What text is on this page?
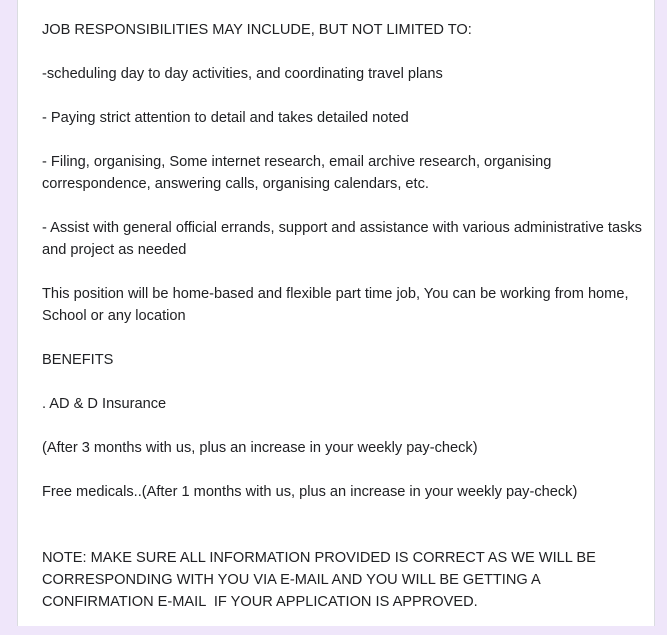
JOB RESPONSIBILITIES MAY INCLUDE, BUT NOT LIMITED TO:

-scheduling day to day activities, and coordinating travel plans

- Paying strict attention to detail and takes detailed noted

- Filing, organising, Some internet research, email archive research, organising correspondence, answering calls, organising calendars, etc.

- Assist with general official errands, support and assistance with various administrative tasks and project as needed

This position will be home-based and flexible part time job, You can be working from home, School or any location

BENEFITS

. AD & D Insurance

(After 3 months with us, plus an increase in your weekly pay-check)

Free medicals..(After 1 months with us, plus an increase in your weekly pay-check)

NOTE: MAKE SURE ALL INFORMATION PROVIDED IS CORRECT AS WE WILL BE CORRESPONDING WITH YOU VIA E-MAIL AND YOU WILL BE GETTING A CONFIRMATION E-MAIL  IF YOUR APPLICATION IS APPROVED.
